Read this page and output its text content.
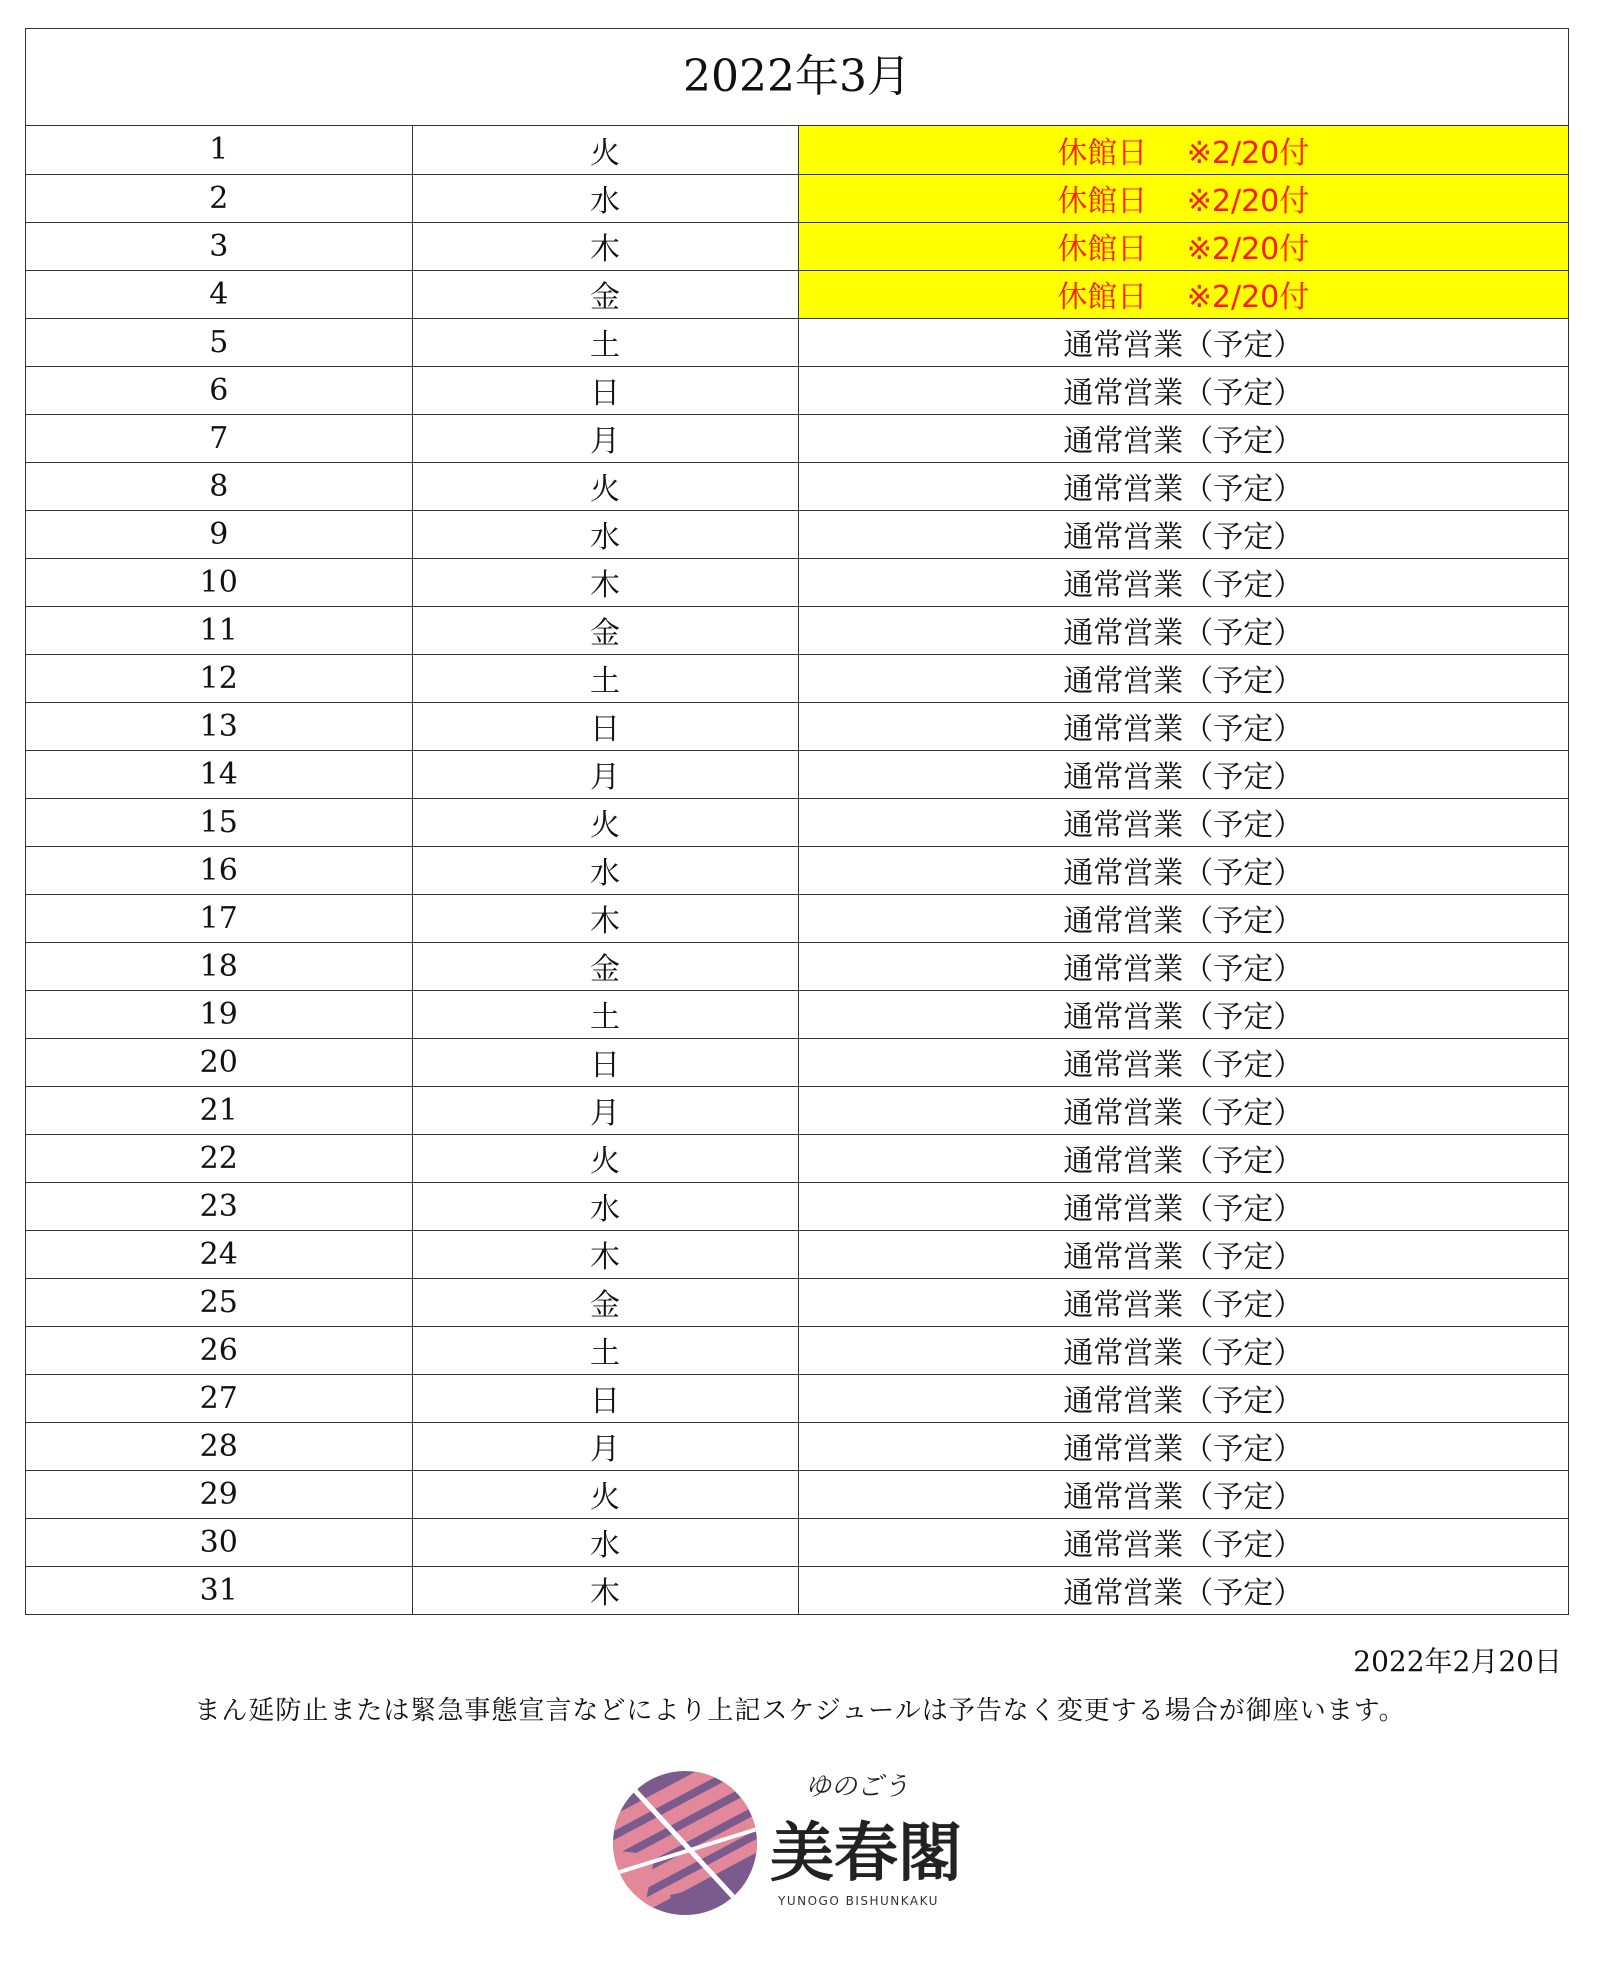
2022年3月
1	火	休館日　 ※2/20付
2	水	休館日　 ※2/20付
3	木	休館日　 ※2/20付
4	金	休館日　 ※2/20付
5	土	通常営業（予定）
6	日	通常営業（予定）
7	月	通常営業（予定）
8	火	通常営業（予定）
9	水	通常営業（予定）
10	木	通常営業（予定）
11	金	通常営業（予定）
12	土	通常営業（予定）
13	日	通常営業（予定）
14	月	通常営業（予定）
15	火	通常営業（予定）
16	水	通常営業（予定）
17	木	通常営業（予定）
18	金	通常営業（予定）
19	土	通常営業（予定）
20	日	通常営業（予定）
21	月	通常営業（予定）
22	火	通常営業（予定）
23	水	通常営業（予定）
24	木	通常営業（予定）
25	金	通常営業（予定）
26	土	通常営業（予定）
27	日	通常営業（予定）
28	月	通常営業（予定）
29	火	通常営業（予定）
30	水	通常営業（予定）
31	木	通常営業（予定）
2022年2月20日
まん延防止または緊急事態宣言などにより上記スケジュールは予告なく変更する場合が御座います。
ゆのごう
美春閣
YUNOGO BISHUNKAKU
